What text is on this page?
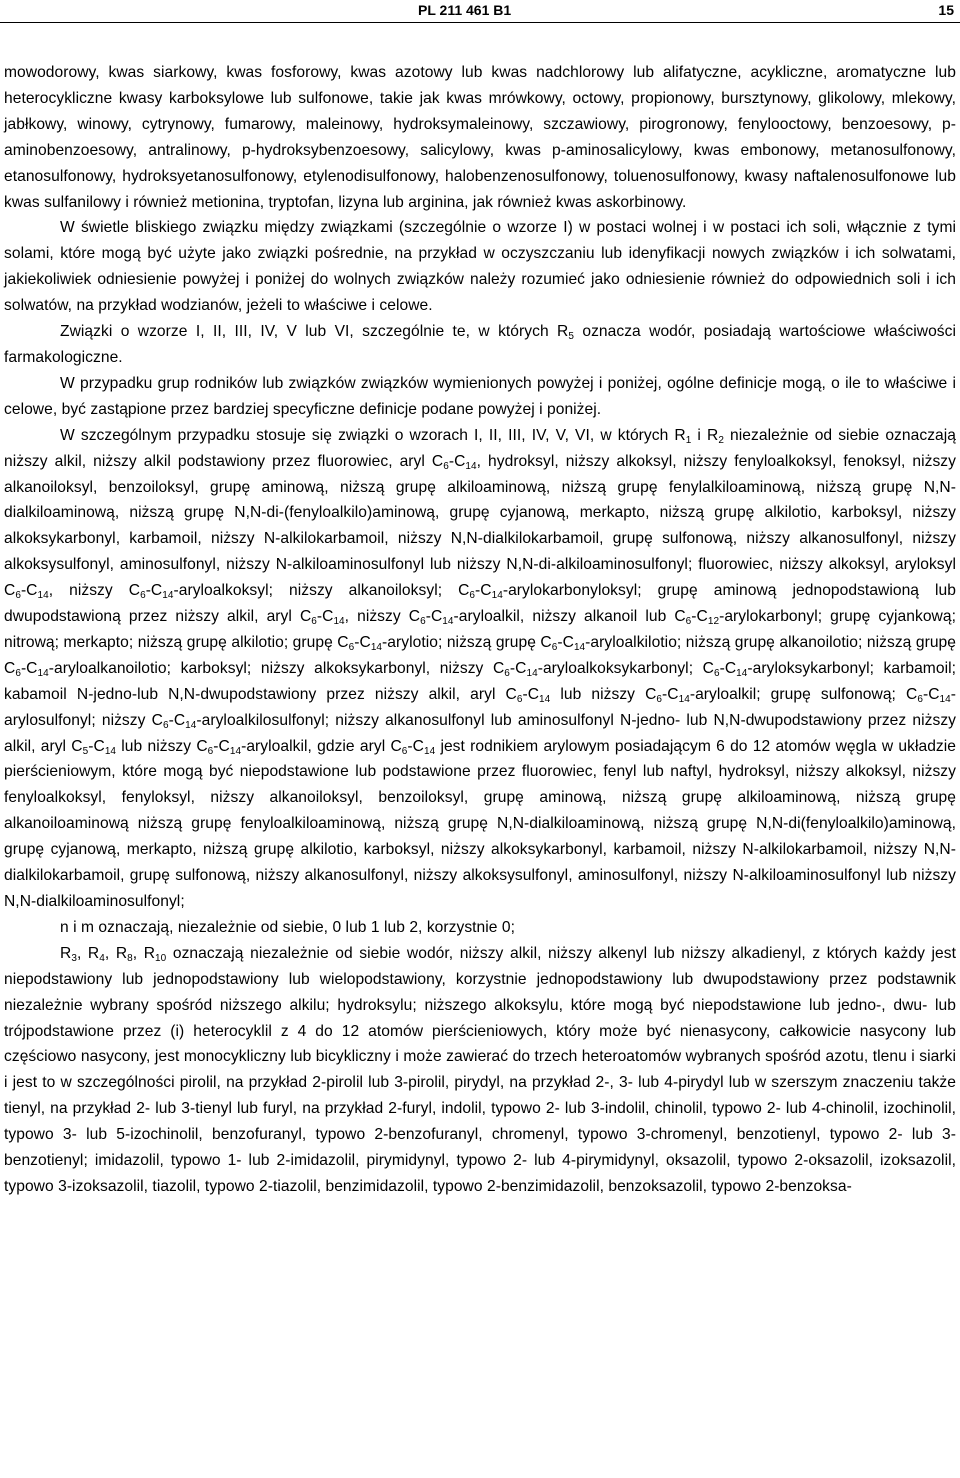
PL 211 461 B1	15

mowodorowy, kwas siarkowy, kwas fosforowy, kwas azotowy lub kwas nadchlorowy lub alifatyczne, acykliczne, aromatyczne lub heterocykliczne kwasy karboksylowe lub sulfonowe, takie jak kwas mrówkowy, octowy, propionowy, bursztynowy, glikolowy, mlekowy, jabłkowy, winowy, cytrynowy, fumarowy, maleinowy, hydroksymaleinowy, szczawiowy, pirogronowy, fenylooctowy, benzoesowy, p-aminobenzoesowy, antralinowy, p-hydroksybenzoesowy, salicylowy, kwas p-aminosalicylowy, kwas embonowy, metanosulfonowy, etanosulfonowy, hydroksyetanosulfonowy, etylenodisulfonowy, halobenzenosulfonowy, toluenosulfonowy, kwasy naftalenosulfonowe lub kwas sulfanilowy i również metionina, tryptofan, lizyna lub arginina, jak również kwas askorbinowy.

W świetle bliskiego związku między związkami (szczególnie o wzorze I) w postaci wolnej i w postaci ich soli, włącznie z tymi solami, które mogą być użyte jako związki pośrednie, na przykład w oczyszczaniu lub idenyfikacji nowych związków i ich solwatami, jakiekoliwiek odniesienie powyżej i poniżej do wolnych związków należy rozumieć jako odniesienie również do odpowiednich soli i ich solwatów, na przykład wodzianów, jeżeli to właściwe i celowe.

Związki o wzorze I, II, III, IV, V lub VI, szczególnie te, w których $R_5$ oznacza wodór, posiadają wartościowe właściwości farmakologiczne.

W przypadku grup rodników lub związków związków wymienionych powyżej i poniżej, ogólne definicje mogą, o ile to właściwe i celowe, być zastąpione przez bardziej specyficzne definicje podane powyżej i poniżej.

W szczególnym przypadku stosuje się związki o wzorach I, II, III, IV, V, VI, w których $R_1$ i $R_2$ niezależnie od siebie oznaczają niższy alkil, niższy alkil podstawiony przez fluorowiec, aryl $C_6-C_{14}$, hydroksyl, niższy alkoksyl, niższy fenyloalkoksyl, fenoksyl, niższy alkanoiloksyl, benzoiloksyl, grupę aminową, niższą grupę alkiloaminową, niższą grupę fenylalkiloaminową, niższą grupę N,N-dialkiloaminową, niższą grupę N,N-di-(fenyloalkilo)aminową, grupę cyjanową, merkapto, niższą grupę alkilotio, karboksyl, niższy alkoksykarbonyl, karbamoil, niższy N-alkilokarbamoil, niższy N,N-dialkilokarbamoil, grupę sulfonową, niższy alkanosulfonyl, niższy alkoksysulfonyl, aminosulfonyl, niższy N-alkiloaminosulfonyl lub niższy N,N-di-alkiloaminosulfonyl; fluorowiec, niższy alkoksyl, aryloksyl $C_6-C_{14}$, niższy $C_6-C_{14}$-aryloalkoksyl; niższy alkanoiloksyl; $C_6-C_{14}$-arylokarbonyloksyl; grupę aminową jednopodstawioną lub dwupodstawioną przez niższy alkil, aryl $C_6-C_{14}$, niższy $C_6-C_{14}$-aryloalkil, niższy alkanoil lub $C_6-C_{12}$-arylokarbonyl; grupę cyjankową; nitrową; merkapto; niższą grupę alkilotio; grupę $C_6-C_{14}$-arylotio; niższą grupę $C_6-C_{14}$-aryloalkilotio; niższą grupę alkanoilotio; niższą grupę $C_6-C_{14}$-aryloalkanoilotio; karboksyl; niższy alkoksykarbonyl, niższy $C_6-C_{14}$-aryloalkoksykarbonyl; $C_6-C_{14}$-aryloksykarbonyl; karbamoil; kabamoil N-jedno-lub N,N-dwupodstawiony przez niższy alkil, aryl $C_6-C_{14}$ lub niższy $C_6-C_{14}$-aryloalkil; grupę sulfonową; $C_6-C_{14}$-arylosulfonyl; niższy $C_6-C_{14}$-aryloalkilosulfonyl; niższy alkanosulfonyl lub aminosulfonyl N-jedno- lub N,N-dwupodstawiony przez niższy alkil, aryl $C_5-C_{14}$ lub niższy $C_6-C_{14}$-aryloalkil, gdzie aryl $C_6-C_{14}$ jest rodnikiem arylowym posiadającym 6 do 12 atomów węgla w układzie pierścieniowym, które mogą być niepodstawione lub podstawione przez fluorowiec, fenyl lub naftyl, hydroksyl, niższy alkoksyl, niższy fenyloalkoksyl, fenyloksyl, niższy alkanoiloksyl, benzoiloksyl, grupę aminową, niższą grupę alkiloaminową, niższą grupę alkanoiloaminową niższą grupę fenyloalkiloaminową, niższą grupę N,N-dialkiloaminową, niższą grupę N,N-di(fenyloalkilo)aminową, grupę cyjanową, merkapto, niższą grupę alkilotio, karboksyl, niższy alkoksykarbonyl, karbamoil, niższy N-alkilokarbamoil, niższy N,N-dialkilokarbamoil, grupę sulfonową, niższy alkanosulfonyl, niższy alkoksysulfonyl, aminosulfonyl, niższy N-alkiloaminosulfonyl lub niższy N,N-dialkiloaminosulfonyl;

n i m oznaczają, niezależnie od siebie, 0 lub 1 lub 2, korzystnie 0;

$R_3$, $R_4$, $R_8$, $R_{10}$ oznaczają niezależnie od siebie wodór, niższy alkil, niższy alkenyl lub niższy alkadienyl, z których każdy jest niepodstawiony lub jednopodstawiony lub wielopodstawiony, korzystnie jednopodstawiony lub dwupodstawiony przez podstawnik niezależnie wybrany spośród niższego alkilu; hydroksylu; niższego alkoksylu, które mogą być niepodstawione lub jedno-, dwu- lub trójpodstawione przez (i) heterocyklil z 4 do 12 atomów pierścieniowych, który może być nienasycony, całkowicie nasycony lub częściowo nasycony, jest monocykliczny lub bicykliczny i może zawierać do trzech heteroatomów wybranych spośród azotu, tlenu i siarki i jest to w szczególności pirolil, na przykład 2-pirolil lub 3-pirolil, pirydyl, na przykład 2-, 3- lub 4-pirydyl lub w szerszym znaczeniu także tienyl, na przykład 2- lub 3-tienyl lub furyl, na przykład 2-furyl, indolil, typowo 2- lub 3-indolil, chinolil, typowo 2- lub 4-chinolil, izochinolil, typowo 3- lub 5-izochinolil, benzofuranyl, typowo 2-benzofuranyl, chromenyl, typowo 3-chromenyl, benzotienyl, typowo 2- lub 3-benzotienyl; imidazolil, typowo 1- lub 2-imidazolil, pirymidynyl, typowo 2- lub 4-pirymidynyl, oksazolil, typowo 2-oksazolil, izoksazolil, typowo 3-izoksazolil, tiazolil, typowo 2-tiazolil, benzimidazolil, typowo 2-benzimidazolil, benzoksazolil, typowo 2-benzoksa-
